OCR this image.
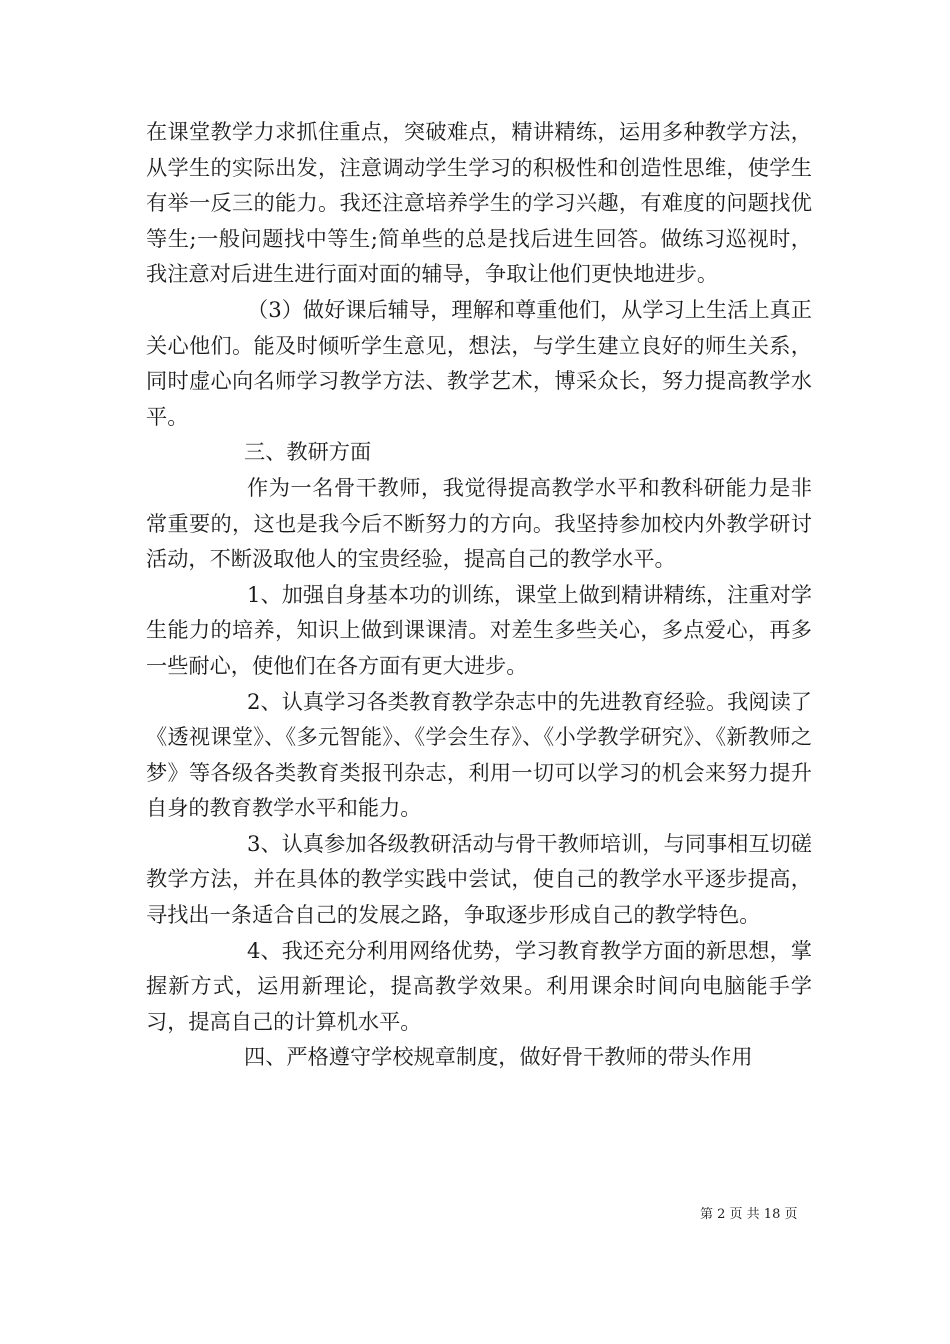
在课堂教学力求抓住重点，突破难点，精讲精练，运用多种教学方法，从学生的实际出发，注意调动学生学习的积极性和创造性思维，使学生有举一反三的能力。我还注意培养学生的学习兴趣，有难度的问题找优等生;一般问题找中等生;简单些的总是找后进生回答。做练习巡视时，我注意对后进生进行面对面的辅导，争取让他们更快地进步。

（3）做好课后辅导，理解和尊重他们，从学习上生活上真正关心他们。能及时倾听学生意见，想法，与学生建立良好的师生关系，同时虚心向名师学习教学方法、教学艺术，博采众长，努力提高教学水平。

三、教研方面

作为一名骨干教师，我觉得提高教学水平和教科研能力是非常重要的，这也是我今后不断努力的方向。我坚持参加校内外教学研讨活动，不断汲取他人的宝贵经验，提高自己的教学水平。

1、加强自身基本功的训练，课堂上做到精讲精练，注重对学生能力的培养，知识上做到课课清。对差生多些关心，多点爱心，再多一些耐心，使他们在各方面有更大进步。

2、认真学习各类教育教学杂志中的先进教育经验。我阅读了《透视课堂》、《多元智能》、《学会生存》、《小学教学研究》、《新教师之梦》等各级各类教育类报刊杂志，利用一切可以学习的机会来努力提升自身的教育教学水平和能力。

3、认真参加各级教研活动与骨干教师培训，与同事相互切磋教学方法，并在具体的教学实践中尝试，使自己的教学水平逐步提高，寻找出一条适合自己的发展之路，争取逐步形成自己的教学特色。

4、我还充分利用网络优势，学习教育教学方面的新思想，掌握新方式，运用新理论，提高教学效果。利用课余时间向电脑能手学习，提高自己的计算机水平。

四、严格遵守学校规章制度，做好骨干教师的带头作用

第 2 页 共 18 页
